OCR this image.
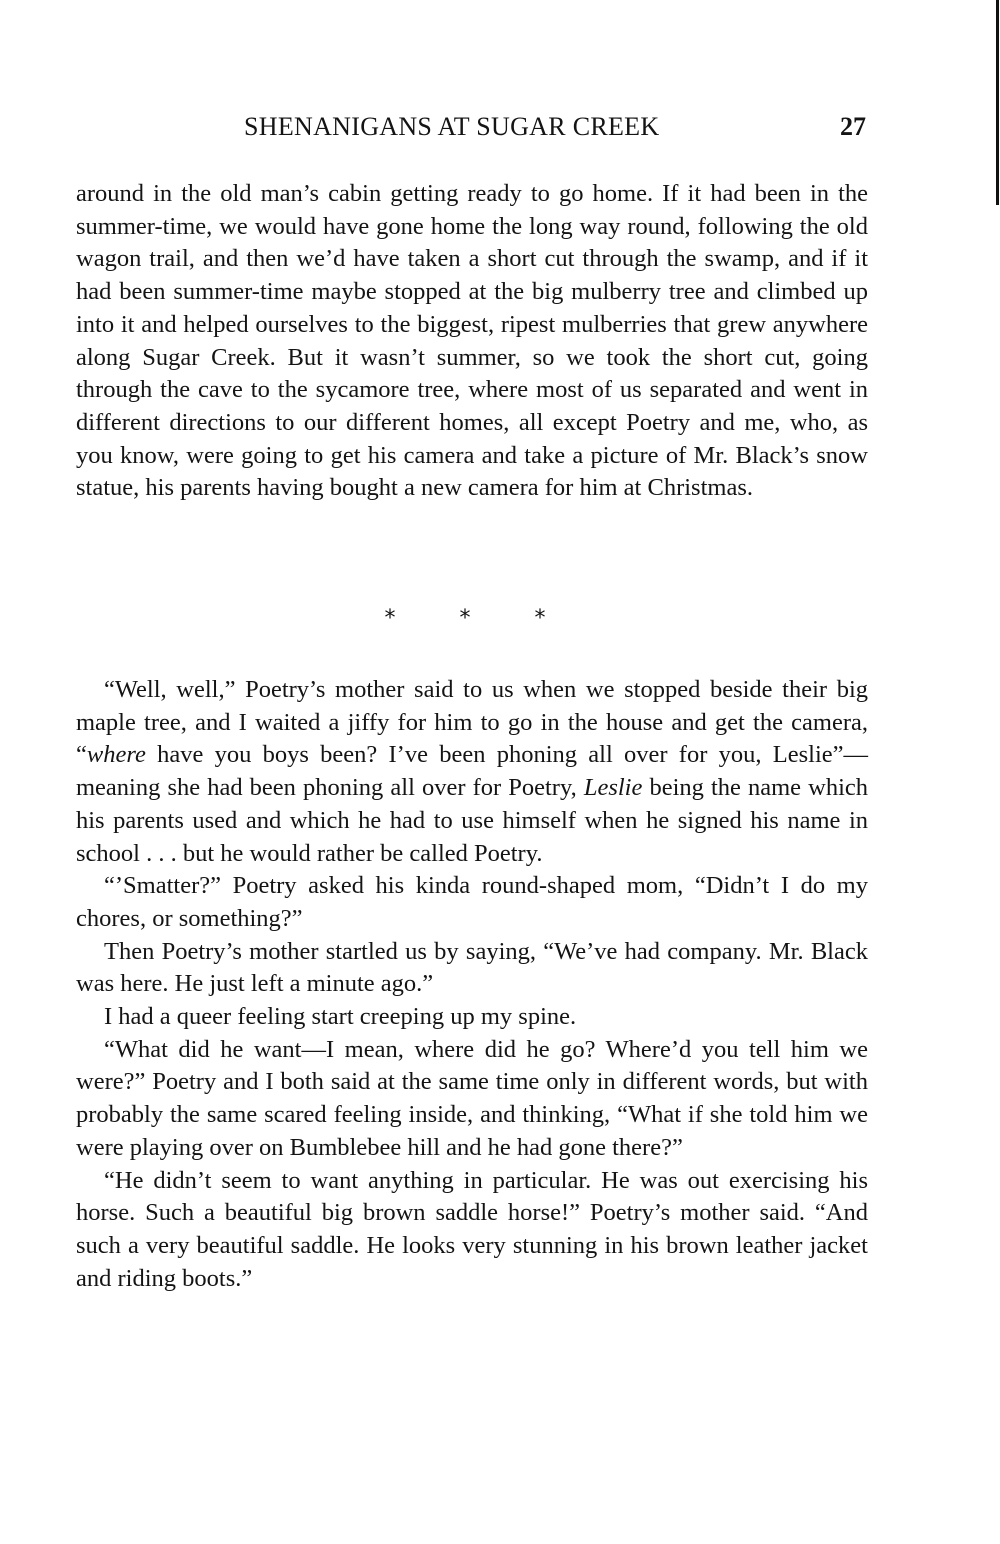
SHENANIGANS AT SUGAR CREEK	27

around in the old man’s cabin getting ready to go home. If it had been in the summer-time, we would have gone home the long way round, following the old wagon trail, and then we’d have taken a short cut through the swamp, and if it had been summer-time maybe stopped at the big mulberry tree and climbed up into it and helped ourselves to the biggest, ripest mulberries that grew anywhere along Sugar Creek. But it wasn’t summer, so we took the short cut, going through the cave to the sycamore tree, where most of us separated and went in different directions to our different homes, all except Poetry and me, who, as you know, were going to get his camera and take a picture of Mr. Black’s snow statue, his parents having bought a new camera for him at Christmas.

*	*	*

“Well, well,” Poetry’s mother said to us when we stopped beside their big maple tree, and I waited a jiffy for him to go in the house and get the camera, “where have you boys been? I’ve been phoning all over for you, Leslie”—meaning she had been phoning all over for Poetry, Leslie being the name which his parents used and which he had to use himself when he signed his name in school . . . but he would rather be called Poetry.

“’Smatter?” Poetry asked his kinda round-shaped mom, “Didn’t I do my chores, or something?”

Then Poetry’s mother startled us by saying, “We’ve had company. Mr. Black was here. He just left a minute ago.”

I had a queer feeling start creeping up my spine.

“What did he want—I mean, where did he go? Where’d you tell him we were?” Poetry and I both said at the same time only in different words, but with probably the same scared feeling inside, and thinking, “What if she told him we were playing over on Bumblebee hill and he had gone there?”

“He didn’t seem to want anything in particular. He was out exercising his horse. Such a beautiful big brown saddle horse!” Poetry’s mother said. “And such a very beautiful saddle. He looks very stunning in his brown leather jacket and riding boots.”
